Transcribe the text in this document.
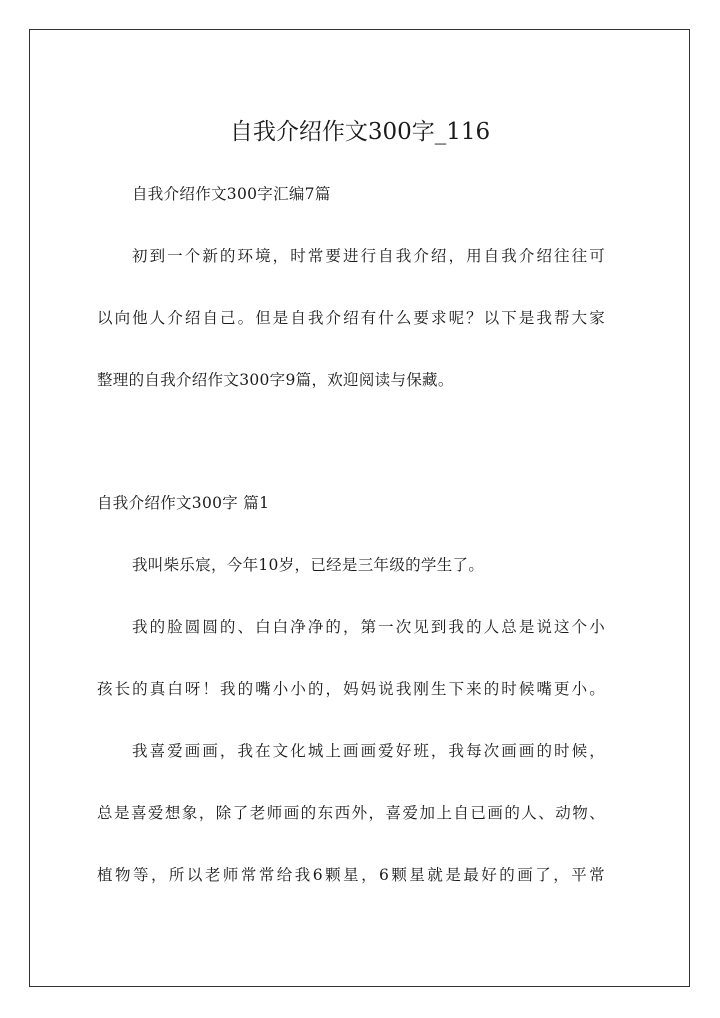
自我介绍作文300字_116
自我介绍作文300字汇编7篇
初到一个新的环境，时常要进行自我介绍，用自我介绍往往可
以向他人介绍自己。但是自我介绍有什么要求呢？以下是我帮大家
整理的自我介绍作文300字9篇，欢迎阅读与保藏。
自我介绍作文300字 篇1
我叫柴乐宸，今年10岁，已经是三年级的学生了。
我的脸圆圆的、白白净净的，第一次见到我的人总是说这个小
孩长的真白呀！我的嘴小小的，妈妈说我刚生下来的时候嘴更小。
我喜爱画画，我在文化城上画画爱好班，我每次画画的时候，
总是喜爱想象，除了老师画的东西外，喜爱加上自已画的人、动物、
植物等，所以老师常常给我6颗星，6颗星就是最好的画了，平常
